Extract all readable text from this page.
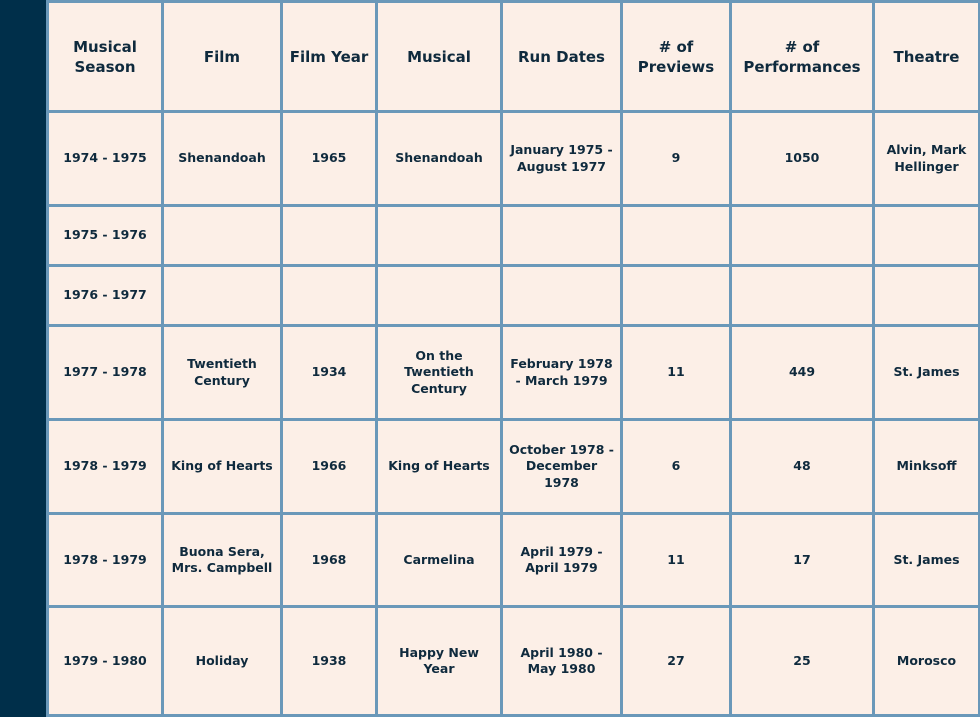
Musical Season	Film	Film Year	Musical	Run Dates	# of Previews	# of Performances	Theatre
1974 - 1975	Shenandoah	1965	Shenandoah	January 1975 - August 1977	9	1050	Alvin, Mark Hellinger
1975 - 1976							
1976 - 1977							
1977 - 1978	Twentieth Century	1934	On the Twentieth Century	February 1978 - March 1979	11	449	St. James
1978 - 1979	King of Hearts	1966	King of Hearts	October 1978 - December 1978	6	48	Minksoff
1978 - 1979	Buona Sera, Mrs. Campbell	1968	Carmelina	April 1979 - April 1979	11	17	St. James
1979 - 1980	Holiday	1938	Happy New Year	April 1980 - May 1980	27	25	Morosco
